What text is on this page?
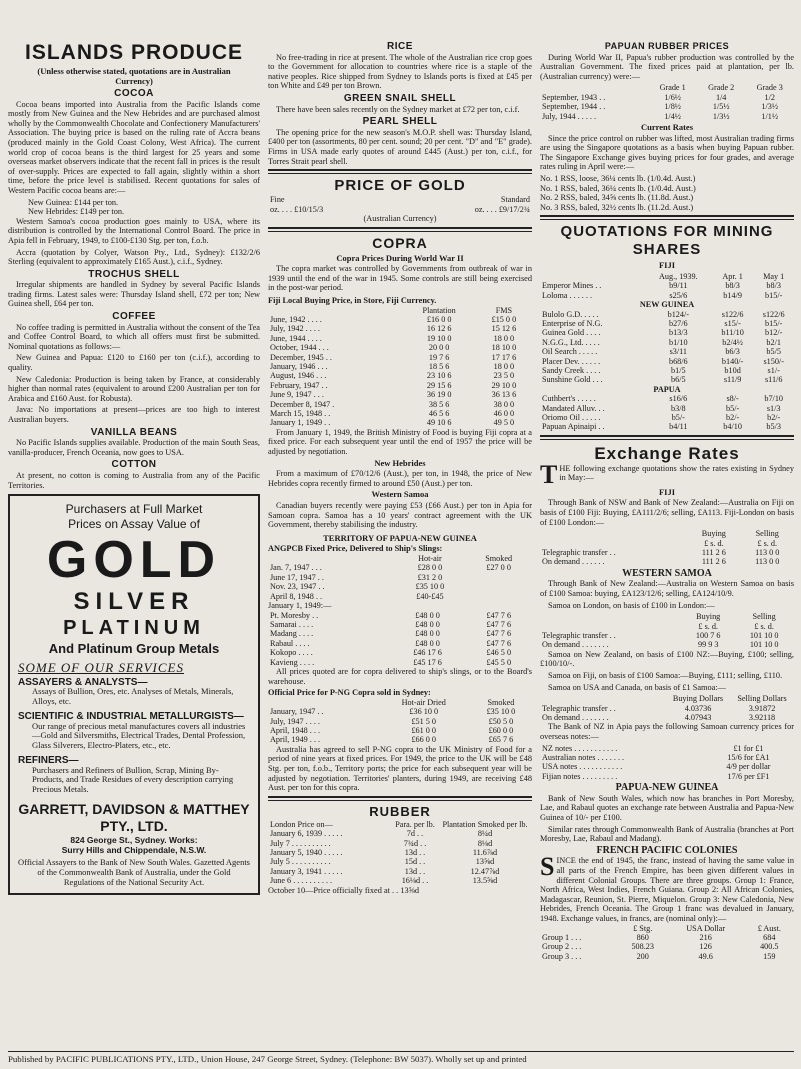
ISLANDS PRODUCE
(Unless otherwise stated, quotations are in Australian Currency)
COCOA

Cocoa beans imported into Australia from the Pacific Islands come mostly from New Guinea and the New Hebrides and are purchased almost wholly by the Commonwealth Chocolate and Confectionery Manufacturers' Association. The buying price is based on the ruling rate of Accra beans (produced mainly in the Gold Coast Colony, West Africa). The current world crop of cocoa beans is the third largest for 25 years and some overseas market observers indicate that the recent fall in prices is the result of over-supply. Prices are expected to fall again, slightly within a short time, before the price level is stabilised. Recent quotations for sales of Western Pacific cocoa beans are:—

New Guinea: £144 per ton.
New Hebrides: £149 per ton.

Western Samoa's cocoa production goes mainly to USA, where its distribution is controlled by the International Control Board. The price in Apia fell in February, 1949, to £100-£130 Stg. per ton, f.o.b.

Accra (quotation by Colyer, Watson Pty., Ltd., Sydney): £132/2/6 Sterling (equivalent to approximately £165 Aust.), c.i.f., Sydney.

TROCHUS SHELL

Irregular shipments are handled in Sydney by several Pacific Islands trading firms. Latest sales were: Thursday Island shell, £72 per ton; New Guinea shell, £64 per ton.

COFFEE

No coffee trading is permitted in Australia without the consent of the Tea and Coffee Control Board, to which all offers must first be submitted. Nominal quotations as follows:—

New Guinea and Papua: £120 to £160 per ton (c.i.f.), according to quality.

New Caledonia: Production is being taken by France, at considerably higher than normal rates (equivalent to around £200 Australian per ton for Arabica and £160 Aust. for Robusta).

Java: No importations at present—prices are too high to interest Australian buyers.

VANILLA BEANS

No Pacific Islands supplies available. Production of the main South Seas, vanilla-producer, French Oceania, now goes to USA.

COTTON

At present, no cotton is coming to Australia from any of the Pacific Territories.

Purchasers at Full Market
Prices on Assay Value of
GOLD
SILVER
PLATINUM
And Platinum Group Metals
SOME OF OUR SERVICES
ASSAYERS & ANALYSTS—
Assays of Bullion, Ores, etc. Analyses of Metals, Minerals, Alloys, etc.
SCIENTIFIC & INDUSTRIAL METALLURGISTS—
Our range of precious metal manufactures covers all industries—Gold and Silversmiths, Electrical Trades, Dental Profession, Glass Silverers, Electro-Platers, etc., etc.
REFINERS—
Purchasers and Refiners of Bullion, Scrap, Mining By-Products, and Trade Residues of every description carrying Precious Metals.
GARRETT, DAVIDSON & MATTHEY PTY., LTD.
824 George St., Sydney. Works:
Surry Hills and Chippendale, N.S.W.
Official Assayers to the Bank of New South Wales. Gazetted Agents of the Commonwealth Bank of Australia, under the Gold Regulations of the National Security Act.
RICE

No free-trading in rice at present. The whole of the Australian rice crop goes to the Government for allocation to countries where rice is a staple of the native peoples. Rice shipped from Sydney to Islands ports is fixed at £45 per ton White and £49 per ton Brown.

GREEN SNAIL SHELL

There have been sales recently on the Sydney market at £72 per ton, c.i.f.

PEARL SHELL

The opening price for the new season's M.O.P. shell was: Thursday Island, £400 per ton (assortments, 80 per cent. sound; 20 per cent. "D" and "E" grade). Firms in USA made early quotes of around £445 (Aust.) per ton, c.i.f., for Torres Strait pearl shell.

PRICE OF GOLD
Fine	Standard
oz. . . . £10/15/3	oz. . . . £9/17/2¾
(Australian Currency)
COPRA
Copra Prices During World War II

The copra market was controlled by Governments from outbreak of war in 1939 until the end of the war in 1945. Some controls are still being exercised in the post-war period.

Fiji Local Buying Price, in Store, Fiji Currency.
	Plantation	FMS
June, 1942 . . . .	£16 0 0	£15 0 0
July, 1942 . . . .	16 12 6	15 12 6
June, 1944 . . . .	19 10 0	18 0 0
October, 1944 . . .	20 0 0	18 10 0
December, 1945 . .	19 7 6	17 17 6
January, 1946 . . .	18 5 6	18 0 0
August, 1946 . . .	23 10 6	23 5 0
February, 1947 . .	29 15 6	29 10 0
June 9, 1947 . . .	36 19 0	36 13 6
December 8, 1947 .	38 5 6	38 0 0
March 15, 1948 . .	46 5 6	46 0 0
January 1, 1949 . .	49 10 6	49 5 0

From January 1, 1949, the British Ministry of Food is buying Fiji copra at a fixed price. For each subsequent year until the end of 1957 the price will be adjusted by negotiation.

New Hebrides

From a maximum of £70/12/6 (Aust.), per ton, in 1948, the price of New Hebrides copra recently firmed to around £50 (Aust.) per ton.

Western Samoa

Canadian buyers recently were paying £53 (£66 Aust.) per ton in Apia for Samoan copra. Samoa has a 10 years' contract agreement with the UK Government, thereby stabilising the industry.

TERRITORY OF PAPUA-NEW GUINEA
ANGPCB Fixed Price, Delivered to Ship's Slings:
	Hot-air	Smoked
Jan. 7, 1947 . . .	£28 0 0	£27 0 0
June 17, 1947 . .	£31 2 0	
Nov. 23, 1947 . .	£35 10 0	
April 8, 1948 . .	£40-£45	
January 1, 1949:—
Pt. Moresby . .	£48 0 0	£47 7 6
Samarai . . . .	£48 0 0	£47 7 6
Madang . . . .	£48 0 0	£47 7 6
Rabaul . . . .	£48 0 0	£47 7 6
Kokopo . . . .	£46 17 6	£46 5 0
Kavieng . . . .	£45 17 6	£45 5 0

All prices quoted are for copra delivered to ship's slings, or to the Board's warehouse.

Official Price for P-NG Copra sold in Sydney:
	Hot-air Dried	Smoked
January, 1947 . .	£36 10 0	£35 10 0
July, 1947 . . . .	£51 5 0	£50 5 0
April, 1948 . . .	£61 0 0	£60 0 0
April, 1949 . . .	£66 0 0	£65 7 6

Australia has agreed to sell P-NG copra to the UK Ministry of Food for a period of nine years at fixed prices. For 1949, the price to the UK will be £48 Stg. per ton, f.o.b., Territory ports; the price for each subsequent year will be adjusted by negotiation. Territories' planters, during 1949, are receiving £48 Aust. per ton for this copra.

RUBBER
London Price on—	Para. per lb.	Plantation Smoked per lb.
January 6, 1939 . . . . .	7d . .	8¼d
July 7 . . . . . . . . . .	7¾d . .	8⅛d
January 5, 1940 . . . . .	13d . .	11.6⅞d
July 5 . . . . . . . . . .	15d . .	13⅝d
January 3, 1941 . . . . .	13d . .	12.47⅞d
June 6 . . . . . . . . . .	16⅛d . .	13.5⅝d
October 10—Price officially fixed at . . 13⅝d
PAPUAN RUBBER PRICES

During World War II, Papua's rubber production was controlled by the Australian Government. The fixed prices paid at plantation, per lb. (Australian currency) were:—

	Grade 1	Grade 2	Grade 3
September, 1943 . .	1/6½	1/4	1/2
September, 1944 . .	1/8½	1/5½	1/3½
July, 1944 . . . . .	1/4½	1/3½	1/1½
Current Rates

Since the price control on rubber was lifted, most Australian trading firms are using the Singapore quotations as a basis when buying Papuan rubber. The Singapore Exchange gives buying prices for four grades, and average rates ruling in April were:—

No. 1 RSS, loose, 36¼ cents lb. (1/0.4d. Aust.)
No. 1 RSS, baled, 36¼ cents lb. (1/0.4d. Aust.)
No. 2 RSS, baled, 34⅝ cents lb. (11.8d. Aust.)
No. 3 RSS, baled, 32½ cents lb. (11.2d. Aust.)
QUOTATIONS FOR MINING SHARES
FIJI
	Aug., 1939.	Apr. 1	May 1
Emperor Mines . .	b9/11	b8/3	b8/3
Loloma . . . . . .	s25/6	b14/9	b15/-
NEW GUINEA			
Bulolo G.D. . . . .	b124/-	s122/6	s122/6
Enterprise of N.G.	b27/6	s15/-	b15/-
Guinea Gold . . . .	b13/3	b11/10	b12/-
N.G.G., Ltd. . . . .	b1/10	b2/4½	b2/1
Oil Search . . . . .	s3/11	b6/3	b5/5
Placer Dev. . . . . .	b68/6	b140/-	s150/-
Sandy Creek . . . .	b1/5	b10d	s1/-
Sunshine Gold . . .	b6/5	s11/9	s11/6
PAPUA			
Cuthbert's . . . . .	s16/6	s8/-	b7/10
Mandated Alluv. . .	b3/8	b5/-	s1/3
Oriomo Oil . . . . .	b5/-	b2/-	b2/-
Papuan Apinaipi . .	b4/11	b4/10	b5/3
Exchange Rates
THE following exchange quotations show the rates existing in Sydney in May:—
FIJI

Through Bank of NSW and Bank of New Zealand:—Australia on Fiji on basis of £100 Fiji: Buying, £A111/2/6; selling, £A113. Fiji-London on basis of £100 London:—

	Buying	Selling
	£ s. d.	£ s. d.
Telegraphic transfer . .	111 2 6	113 0 0
On demand . . . . . .	111 2 6	113 0 0
WESTERN SAMOA

Through Bank of New Zealand:—Australia on Western Samoa on basis of £100 Samoa: buying, £A123/12/6; selling, £A124/10/9.

Samoa on London, on basis of £100 in London:—

	Buying	Selling
	£ s. d.	£ s. d.
Telegraphic transfer . .	100 7 6	101 10 0
On demand . . . . . . .	99 9 3	101 10 0

Samoa on New Zealand, on basis of £100 NZ:—Buying, £100; selling, £100/10/-.

Samoa on Fiji, on basis of £100 Samoa:—Buying, £111; selling, £110.

Samoa on USA and Canada, on basis of £1 Samoa:—

	Buying Dollars	Selling Dollars
Telegraphic transfer . .	4.03736	3.91872
On demand . . . . . . .	4.07943	3.92118

The Bank of NZ in Apia pays the following Samoan currency prices for overseas notes:—

NZ notes . . . . . . . . . . .	£1 for £1
Australian notes . . . . . . .	15/6 for £A1
USA notes . . . . . . . . . . .	4/9 per dollar
Fijian notes . . . . . . . . .	17/6 per £F1
PAPUA-NEW GUINEA

Bank of New South Wales, which now has branches in Port Moresby, Lae, and Rabaul quotes an exchange rate between Australia and Papua-New Guinea of 10/- per £100.

Similar rates through Commonwealth Bank of Australia (branches at Port Moresby, Lae, Rabaul and Madang).

FRENCH PACIFIC COLONIES
SINCE the end of 1945, the franc, instead of having the same value in all parts of the French Empire, has been given different values in different Colonial Groups. There are three groups. Group 1: France, North Africa, West Indies, French Guiana. Group 2: All African Colonies, Madagascar, Reunion, St. Pierre, Miquelon. Group 3: New Caledonia, New Hebrides, French Oceania. The Group 1 franc was devalued in January, 1948. Exchange values, in francs, are (nominal only):—
	£ Stg.	USA Dollar	£ Aust.
Group 1 . . .	860	216	684
Group 2 . . .	508.23	126	400.5
Group 3 . . .	200	49.6	159
Published by PACIFIC PUBLICATIONS PTY., LTD., Union House, 247 George Street, Sydney. (Telephone: BW 5037). Wholly set up and printed
